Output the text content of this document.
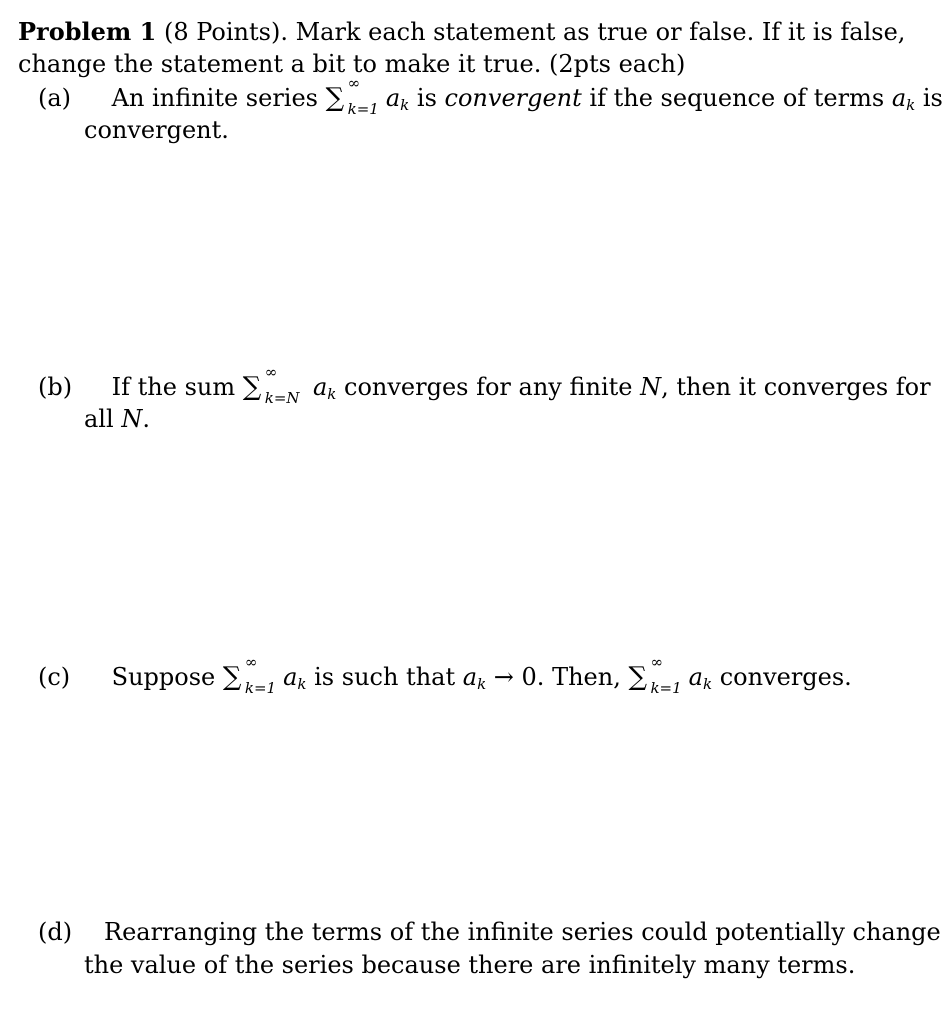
Problem 1 (8 Points). Mark each statement as true or false. If it is false,
change the statement a bit to make it true. (2pts each)
(a) An infinite series ∑ ∞
k=1 ak is convergent if the sequence of terms ak is
convergent.
(b) If the sum ∑ ∞
k=N ak converges for any finite N, then it converges for
all N.
(c) Suppose ∑ ∞
k=1 ak is such that ak → 0. Then, ∑ ∞
k=1 ak converges.
(d) Rearranging the terms of the infinite series could potentially change
the value of the series because there are infinitely many terms.
